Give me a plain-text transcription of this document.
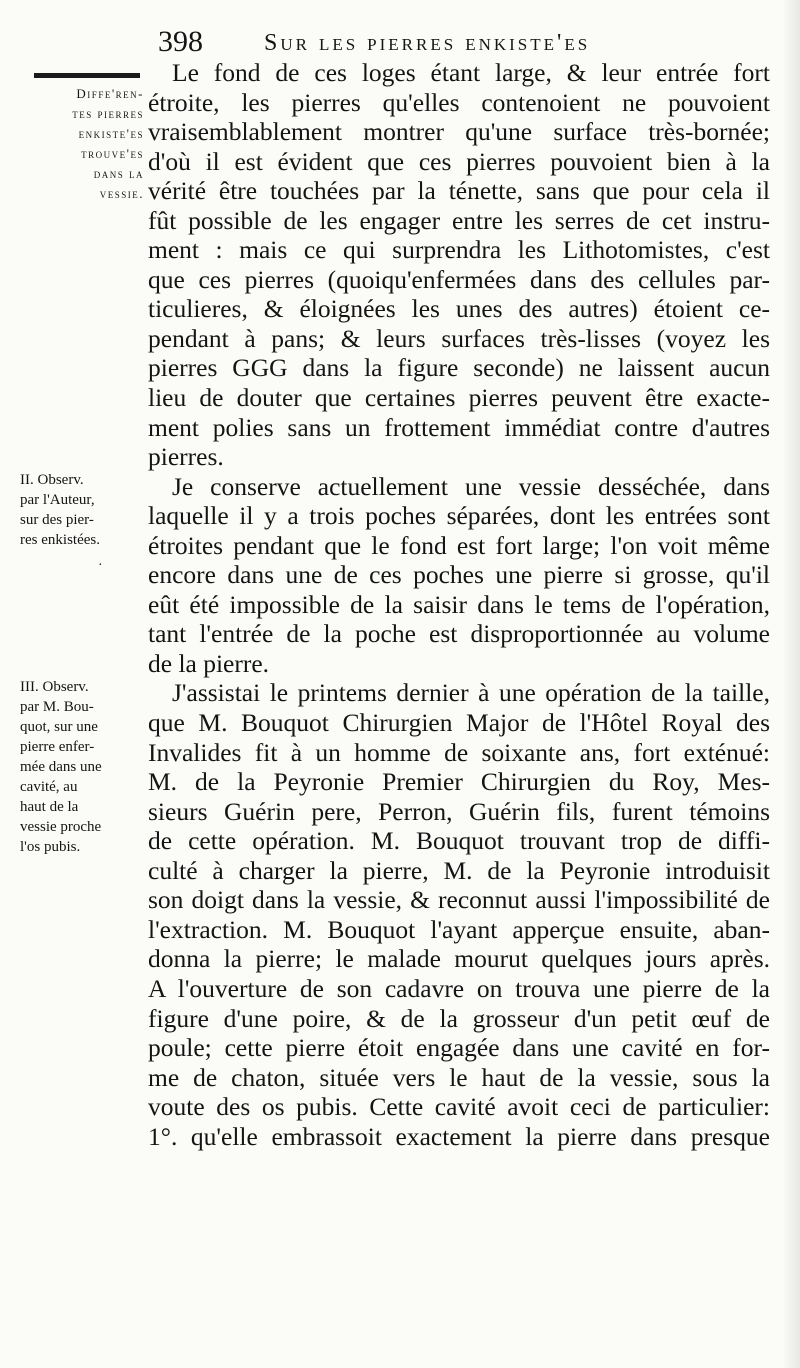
398	Sur les pierres enkiste'es
Diffe'ren-
tes pierres
enkiste'es
trouve'es
dans la
vessie.
II. Observ.
par l'Auteur,
sur des pier-
res enkistées.
·
III. Observ.
par M. Bou-
quot, sur une
pierre enfer-
mée dans une
cavité, au
haut de la
vessie proche
l'os pubis.
Le fond de ces loges étant large, & leur entrée fort
étroite, les pierres qu'elles contenoient ne pouvoient
vraisemblablement montrer qu'une surface très-bornée;
d'où il est évident que ces pierres pouvoient bien à la
vérité être touchées par la ténette, sans que pour cela il
fût possible de les engager entre les serres de cet instru-
ment : mais ce qui surprendra les Lithotomistes, c'est
que ces pierres (quoiqu'enfermées dans des cellules par-
ticulieres, & éloignées les unes des autres) étoient ce-
pendant à pans; & leurs surfaces très-lisses (voyez les
pierres GGG dans la figure seconde) ne laissent aucun
lieu de douter que certaines pierres peuvent être exacte-
ment polies sans un frottement immédiat contre d'autres
pierres.
Je conserve actuellement une vessie desséchée, dans
laquelle il y a trois poches séparées, dont les entrées sont
étroites pendant que le fond est fort large; l'on voit même
encore dans une de ces poches une pierre si grosse, qu'il
eût été impossible de la saisir dans le tems de l'opération,
tant l'entrée de la poche est disproportionnée au volume
de la pierre.
J'assistai le printems dernier à une opération de la taille,
que M. Bouquot Chirurgien Major de l'Hôtel Royal des
Invalides fit à un homme de soixante ans, fort exténué:
M. de la Peyronie Premier Chirurgien du Roy, Mes-
sieurs Guérin pere, Perron, Guérin fils, furent témoins
de cette opération. M. Bouquot trouvant trop de diffi-
culté à charger la pierre, M. de la Peyronie introduisit
son doigt dans la vessie, & reconnut aussi l'impossibilité de
l'extraction. M. Bouquot l'ayant apperçue ensuite, aban-
donna la pierre; le malade mourut quelques jours après.
A l'ouverture de son cadavre on trouva une pierre de la
figure d'une poire, & de la grosseur d'un petit œuf de
poule; cette pierre étoit engagée dans une cavité en for-
me de chaton, située vers le haut de la vessie, sous la
voute des os pubis. Cette cavité avoit ceci de particulier:
1°. qu'elle embrassoit exactement la pierre dans presque
